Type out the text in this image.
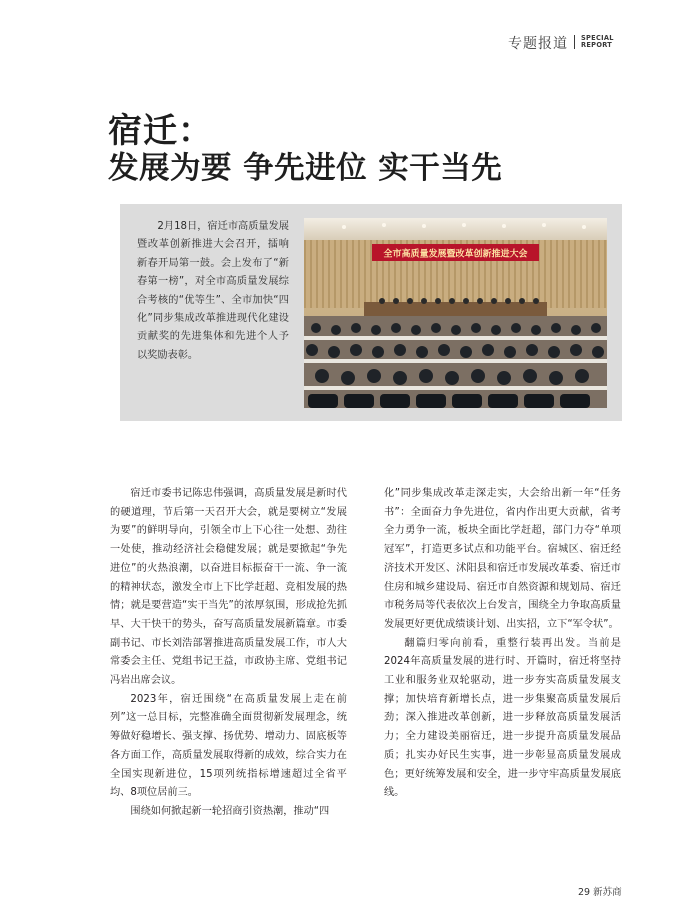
专题报道 SPECIAL
REPORT
宿迁：
发展为要 争先进位 实干当先
2月18日，宿迁市高质量发展暨改革创新推进大会召开，擂响新春开局第一鼓。会上发布了“新春第一榜”，对全市高质量发展综合考核的“优等生”、全市加快“四化”同步集成改革推进现代化建设贡献奖的先进集体和先进个人予以奖励表彰。
全市高质量发展暨改革创新推进大会

宿迁市委书记陈忠伟强调，高质量发展是新时代的硬道理，节后第一天召开大会，就是要树立“发展为要”的鲜明导向，引领全市上下心往一处想、劲往一处使，推动经济社会稳健发展；就是要掀起“争先进位”的火热浪潮，以奋进目标振奋干一流、争一流的精神状态，激发全市上下比学赶超、竞相发展的热情；就是要营造“实干当先”的浓厚氛围，形成抢先抓早、大干快干的势头，奋写高质量发展新篇章。市委副书记、市长刘浩部署推进高质量发展工作，市人大常委会主任、党组书记王益，市政协主席、党组书记冯岩出席会议。

2023年，宿迁围绕“在高质量发展上走在前列”这一总目标，完整准确全面贯彻新发展理念，统筹做好稳增长、强支撑、扬优势、增动力、固底板等各方面工作，高质量发展取得新的成效，综合实力在全国实现新进位，15项列统指标增速超过全省平均、8项位居前三。

围绕如何掀起新一轮招商引资热潮，推动“四

化”同步集成改革走深走实，大会给出新一年“任务书”：全面奋力争先进位，省内作出更大贡献，省考全力勇争一流，板块全面比学赶超，部门力夺“单项冠军”，打造更多试点和功能平台。宿城区、宿迁经济技术开发区、沭阳县和宿迁市发展改革委、宿迁市住房和城乡建设局、宿迁市自然资源和规划局、宿迁市税务局等代表依次上台发言，围绕全力争取高质量发展更好更优成绩谈计划、出实招，立下“军令状”。

翻篇归零向前看，重整行装再出发。当前是2024年高质量发展的进行时、开篇时，宿迁将坚持工业和服务业双轮驱动，进一步夯实高质量发展支撑；加快培育新增长点，进一步集聚高质量发展后劲；深入推进改革创新，进一步释放高质量发展活力；全力建设美丽宿迁，进一步提升高质量发展品质；扎实办好民生实事，进一步彰显高质量发展成色；更好统筹发展和安全，进一步守牢高质量发展底线。

29 新苏商
